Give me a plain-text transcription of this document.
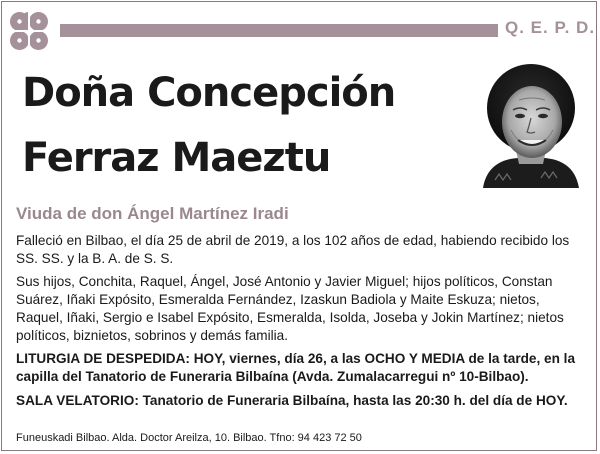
Q. E. P. D.
Doña Concepción
Ferraz Maeztu
Viuda de don Ángel Martínez Iradi
Falleció en Bilbao, el día 25 de abril de 2019, a los 102 años de edad, habiendo recibido los SS. SS. y la B. A. de S. S.
Sus hijos, Conchita, Raquel, Ángel, José Antonio y Javier Miguel; hijos políticos, Constan Suárez, Iñaki Expósito, Esmeralda Fernández, Izaskun Badiola y Maite Eskuza; nietos, Raquel, Iñaki, Sergio e Isabel Expósito, Esmeralda, Isolda, Joseba y Jokin Martínez; nietos políticos, biznietos, sobrinos y demás familia.
LITURGIA DE DESPEDIDA: HOY, viernes, día 26, a las OCHO Y MEDIA de la tarde, en la capilla del Tanatorio de Funeraria Bilbaína (Avda. Zumalacarregui nº 10-Bilbao).
SALA VELATORIO: Tanatorio de Funeraria Bilbaína, hasta las 20:30 h. del día de HOY.
Funeuskadi Bilbao. Alda. Doctor Areilza, 10. Bilbao. Tfno: 94 423 72 50
